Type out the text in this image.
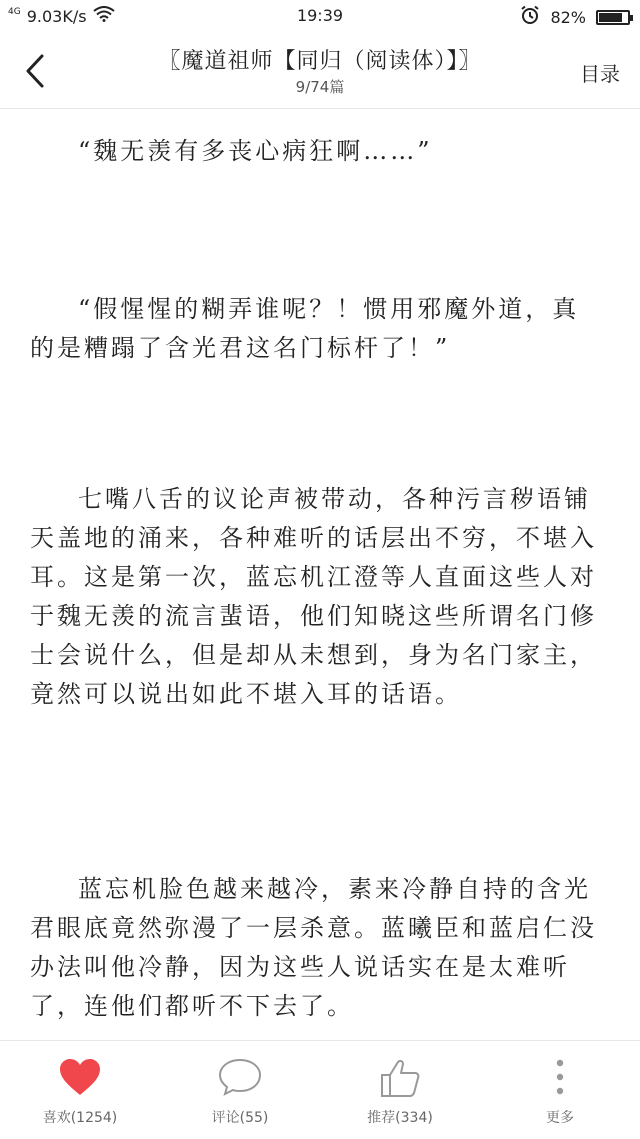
4G 9.03K/s	19:39	82%
〖魔道祖师【同归（阅读体）】〗
9/74篇
目录

“魏无羡有多丧心病狂啊……”

“假惺惺的糊弄谁呢？！惯用邪魔外道，真的是糟蹋了含光君这名门标杆了！”

七嘴八舌的议论声被带动，各种污言秽语铺天盖地的涌来，各种难听的话层出不穷，不堪入耳。这是第一次，蓝忘机江澄等人直面这些人对于魏无羡的流言蜚语，他们知晓这些所谓名门修士会说什么，但是却从未想到，身为名门家主，竟然可以说出如此不堪入耳的话语。

蓝忘机脸色越来越冷，素来冷静自持的含光君眼底竟然弥漫了一层杀意。蓝曦臣和蓝启仁没办法叫他冷静，因为这些人说话实在是太难听了，连他们都听不下去了。

喜欢(1254)	评论(55)	推荐(334)	更多
